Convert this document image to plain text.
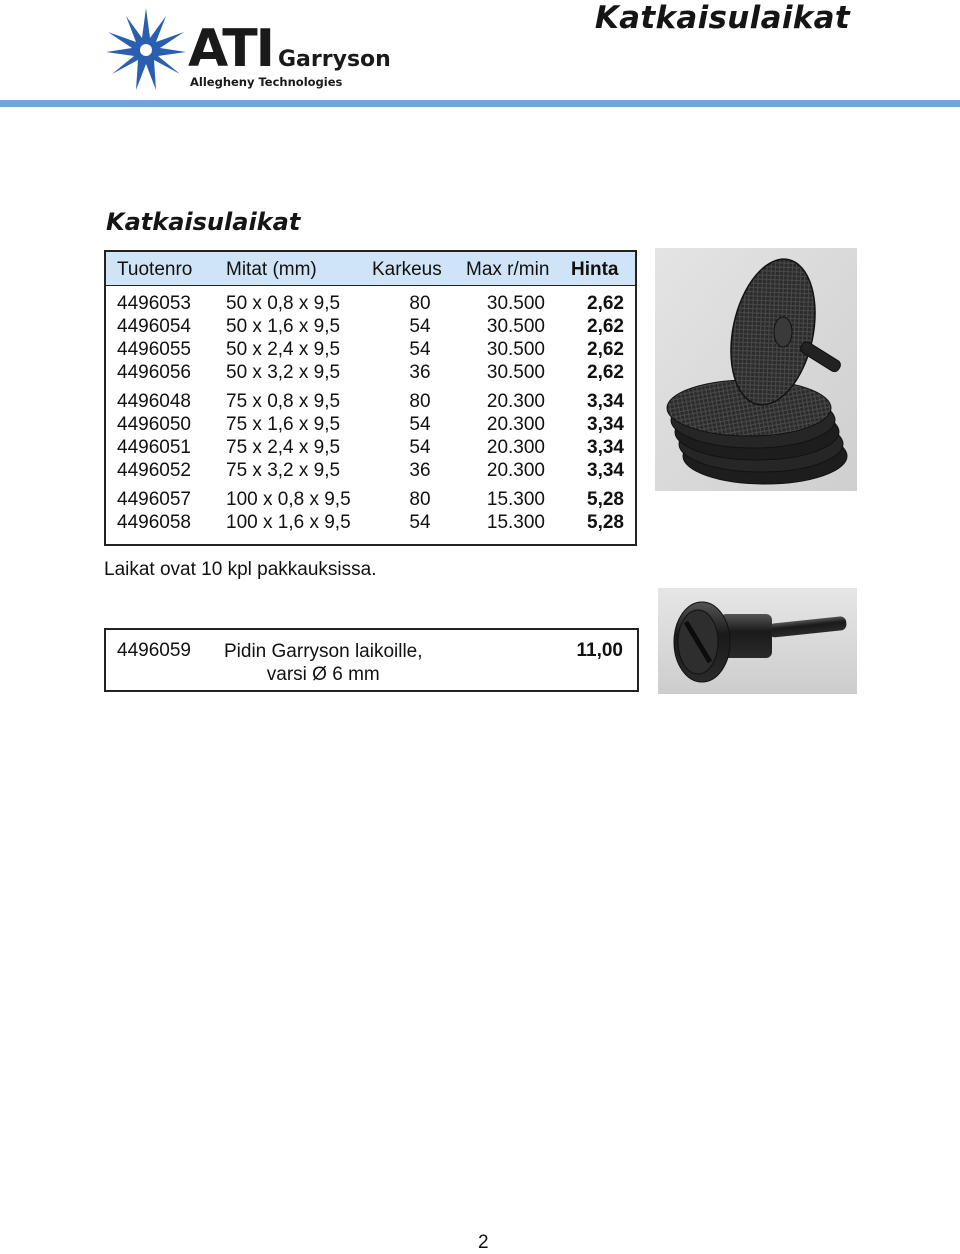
ATI Garryson
Allegheny Technologies
Katkaisulaikat
Katkaisulaikat
Tuotenro Mitat (mm)	Karkeus Max r/min Hinta
4496053 50 x 0,8 x 9,5	80	30.500	2,62
4496054 50 x 1,6 x 9,5	54	30.500	2,62
4496055 50 x 2,4 x 9,5	54	30.500	2,62
4496056 50 x 3,2 x 9,5	36	30.500	2,62
4496048 75 x 0,8 x 9,5	80	20.300	3,34
4496050 75 x 1,6 x 9,5	54	20.300	3,34
4496051 75 x 2,4 x 9,5	54	20.300	3,34
4496052 75 x 3,2 x 9,5	36	20.300	3,34
4496057 100 x 0,8 x 9,5	80	15.300	5,28
4496058 100 x 1,6 x 9,5	54	15.300	5,28
Laikat ovat 10 kpl pakkauksissa.
4496059 Pidin Garryson laikoille,
varsi Ø 6 mm
11,00
2
